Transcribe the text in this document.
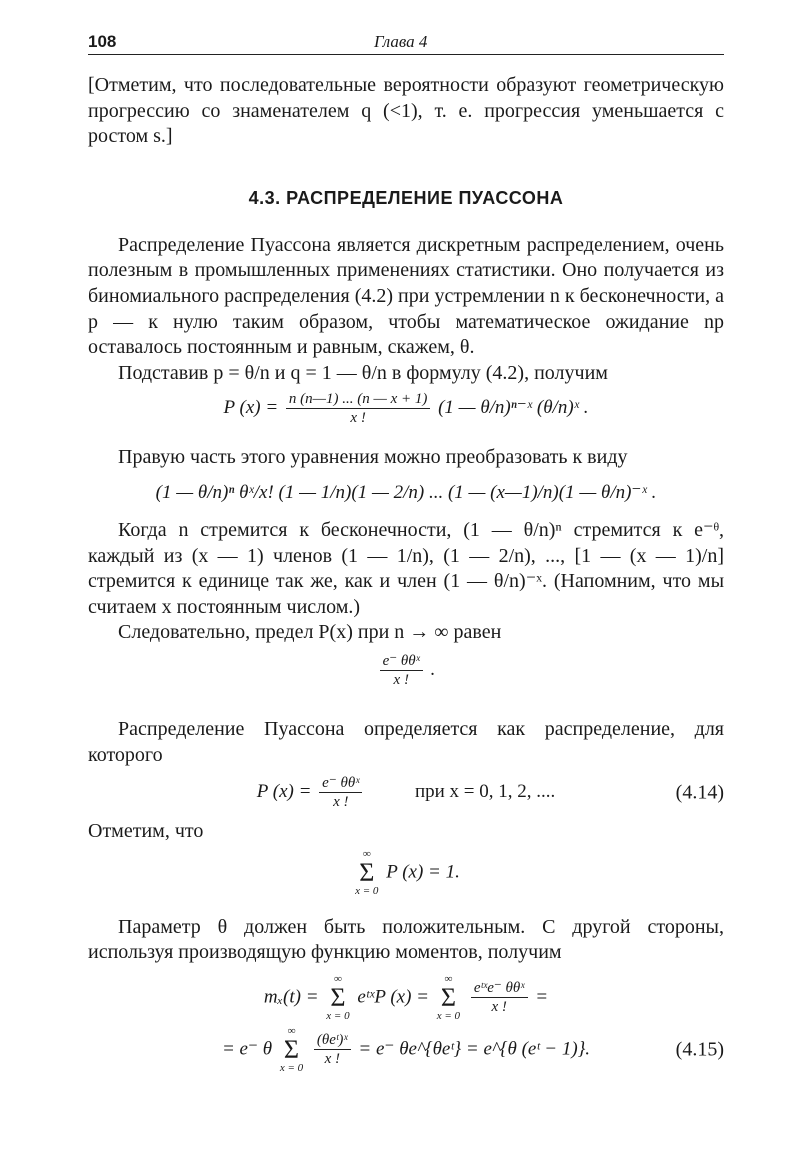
108	Глава 4

[Отметим, что последовательные вероятности образуют геометрическую прогрессию со знаменателем q (<1), т. е. прогрессия уменьшается с ростом s.]

4.3. РАСПРЕДЕЛЕНИЕ ПУАССОНА

Распределение Пуассона является дискретным распределением, очень полезным в промышленных применениях статистики. Оно получается из биномиального распределения (4.2) при устремлении n к бесконечности, а p — к нулю таким образом, чтобы математическое ожидание np оставалось постоянным и равным, скажем, θ.

Подставив p = θ/n и q = 1 — θ/n в формулу (4.2), получим

P $(x) = \frac{n (n—1) ... (n — x + 1)}{x !} (1$ — θ/n)ⁿ⁻ˣ (θ/n)ˣ .

Правую часть этого уравнения можно преобразовать к виду

(1 — θ/n)ⁿ θˣ/x! (1 — 1/n)(1 — 2/n) ... (1 — (x—1)/n)(1 — θ/n)⁻ˣ .

Когда n стремится к бесконечности, (1 — θ/n)ⁿ стремится к e⁻ᶿ, каждый из (x — 1) членов (1 — 1/n), (1 — 2/n), ..., [1 — (x — 1)/n] стремится к единице так же, как и член (1 — θ/n)⁻ˣ. (Напомним, что мы считаем x постоянным числом.)

Следовательно, предел P(x) при n → ∞ равен

$\frac{\text{e⁻ θθˣ}}{x !}$ .

Распределение Пуассона определяется как распределение, для которого

P $(x) = \frac{\text{e⁻ θθˣ}}{x !}$	при x = 0, 1, 2, ....	(4.14)

Отметим, что

∞
Σ
x = 0
P (x) = 1.

Параметр θ должен быть положительным. С другой стороны, используя производящую функцию моментов, получим

mₓ(t) =
∞
Σ
x = 0
eᵗˣP (x) =
∞
Σ
x = 0
$\frac{\text{eᵗˣe⁻ θθˣ}}{x !}$ =
= e⁻ θ
∞
Σ
x = 0
$\frac{\text{(θeᵗ)ˣ}}{x !} = e^-$ θe^{θeᵗ} = e^{θ (eᵗ − 1)}.	(4.15)
